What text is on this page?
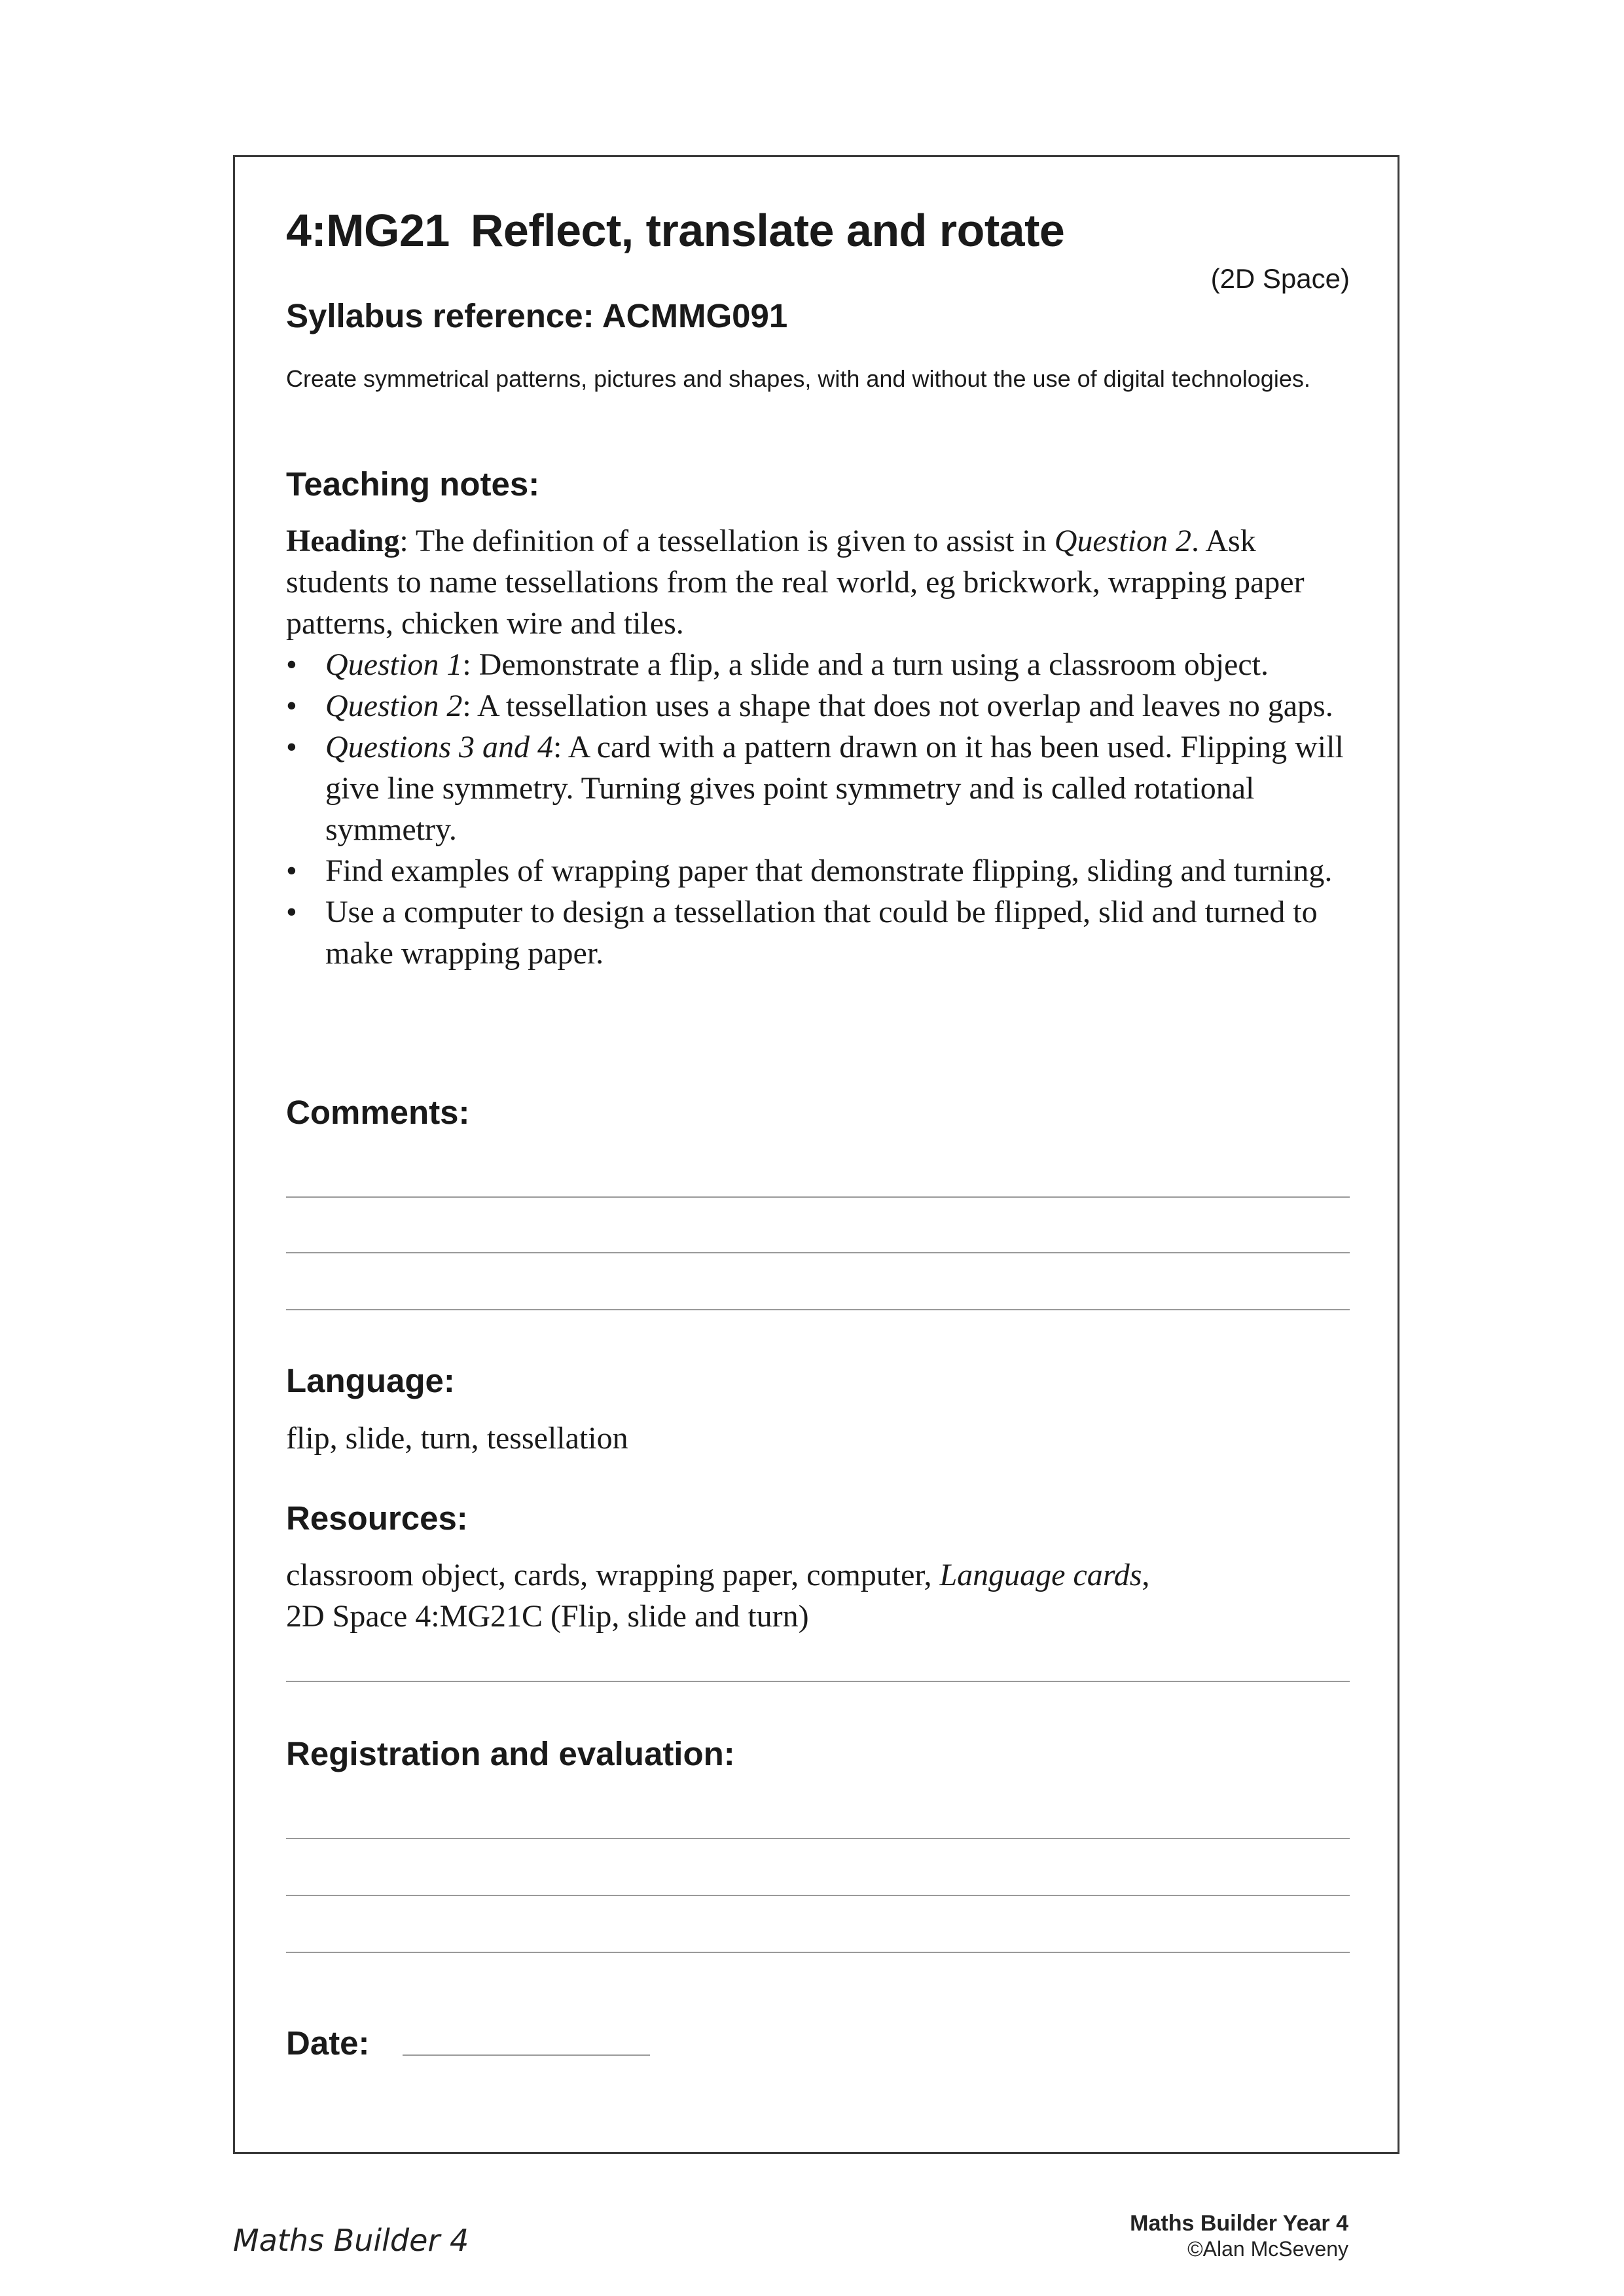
4:MG21 Reflect, translate and rotate
(2D Space)
Syllabus reference: ACMMG091

Create symmetrical patterns, pictures and shapes, with and without the use of digital technologies.

Teaching notes:

Heading: The definition of a tessellation is given to assist in Question 2. Ask students to name tessellations from the real world, eg brickwork, wrapping paper patterns, chicken wire and tiles.

• Question 1: Demonstrate a flip, a slide and a turn using a classroom object.
• Question 2: A tessellation uses a shape that does not overlap and leaves no gaps.
• Questions 3 and 4: A card with a pattern drawn on it has been used. Flipping will give line symmetry. Turning gives point symmetry and is called rotational symmetry.
• Find examples of wrapping paper that demonstrate flipping, sliding and turning.
• Use a computer to design a tessellation that could be flipped, slid and turned to make wrapping paper.
Comments:
Language:

flip, slide, turn, tessellation

Resources:
classroom object, cards, wrapping paper, computer, Language cards,
2D Space 4:MG21C (Flip, slide and turn)
Registration and evaluation:
Date:
Maths Builder 4	Maths Builder Year 4
©Alan McSeveny
